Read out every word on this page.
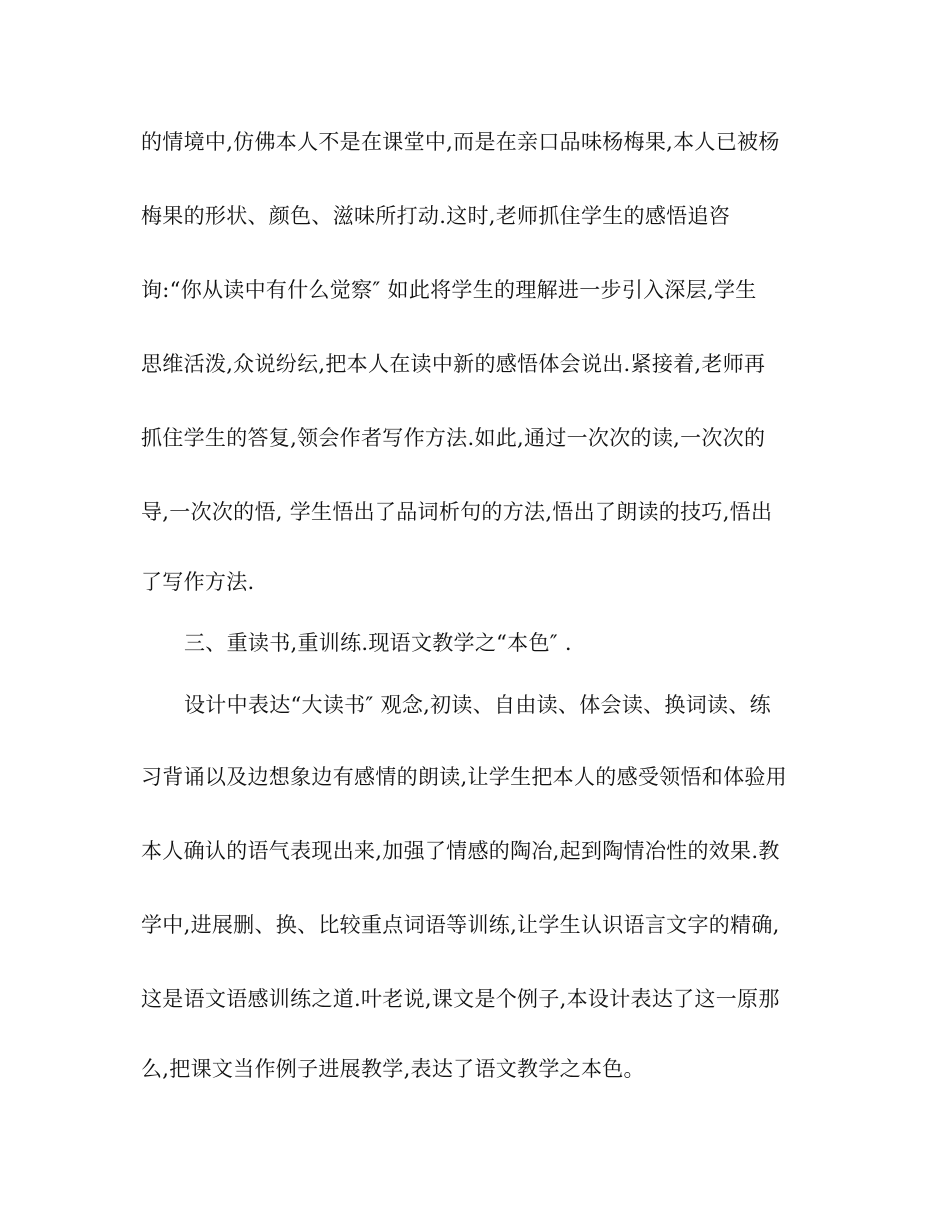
的情境中,仿佛本人不是在课堂中,而是在亲口品味杨梅果,本人已被杨
梅果的形状、颜色、滋味所打动.这时,老师抓住学生的感悟追咨
询:“你从读中有什么觉察″ 如此将学生的理解进一步引入深层,学生
思维活泼,众说纷纭,把本人在读中新的感悟体会说出.紧接着,老师再
抓住学生的答复,领会作者写作方法.如此,通过一次次的读,一次次的
导,一次次的悟, 学生悟出了品词析句的方法,悟出了朗读的技巧,悟出
了写作方法.
三、重读书,重训练.现语文教学之“本色″ .
设计中表达“大读书″ 观念,初读、自由读、体会读、换词读、练
习背诵以及边想象边有感情的朗读,让学生把本人的感受领悟和体验用
本人确认的语气表现出来,加强了情感的陶冶,起到陶情冶性的效果.教
学中,进展删、换、比较重点词语等训练,让学生认识语言文字的精确,
这是语文语感训练之道.叶老说,课文是个例子,本设计表达了这一原那
么,把课文当作例子进展教学,表达了语文教学之本色。
